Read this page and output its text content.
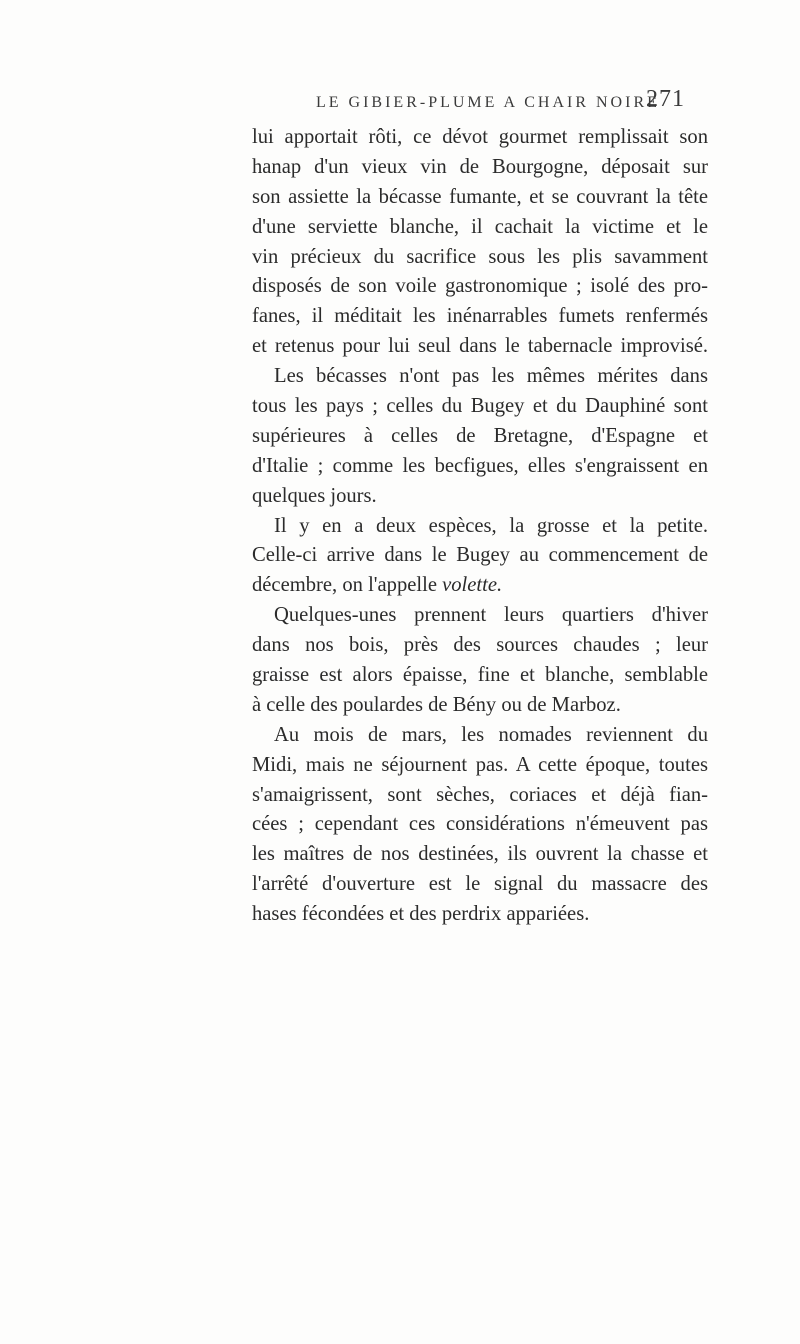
LE GIBIER-PLUME A CHAIR NOIRE
271
lui apportait rôti, ce dévot gourmet remplissait son
hanap d'un vieux vin de Bourgogne, déposait sur
son assiette la bécasse fumante, et se couvrant la tête
d'une serviette blanche, il cachait la victime et le
vin précieux du sacrifice sous les plis savamment
disposés de son voile gastronomique ; isolé des pro-
fanes, il méditait les inénarrables fumets renfermés
et retenus pour lui seul dans le tabernacle improvisé.
Les bécasses n'ont pas les mêmes mérites dans
tous les pays ; celles du Bugey et du Dauphiné sont
supérieures à celles de Bretagne, d'Espagne et
d'Italie ; comme les becfigues, elles s'engraissent en
quelques jours.
Il y en a deux espèces, la grosse et la petite.
Celle-ci arrive dans le Bugey au commencement de
décembre, on l'appelle volette.
Quelques-unes prennent leurs quartiers d'hiver
dans nos bois, près des sources chaudes ; leur
graisse est alors épaisse, fine et blanche, semblable
à celle des poulardes de Bény ou de Marboz.
Au mois de mars, les nomades reviennent du
Midi, mais ne séjournent pas. A cette époque, toutes
s'amaigrissent, sont sèches, coriaces et déjà fian-
cées ; cependant ces considérations n'émeuvent pas
les maîtres de nos destinées, ils ouvrent la chasse et
l'arrêté d'ouverture est le signal du massacre des
hases fécondées et des perdrix appariées.
